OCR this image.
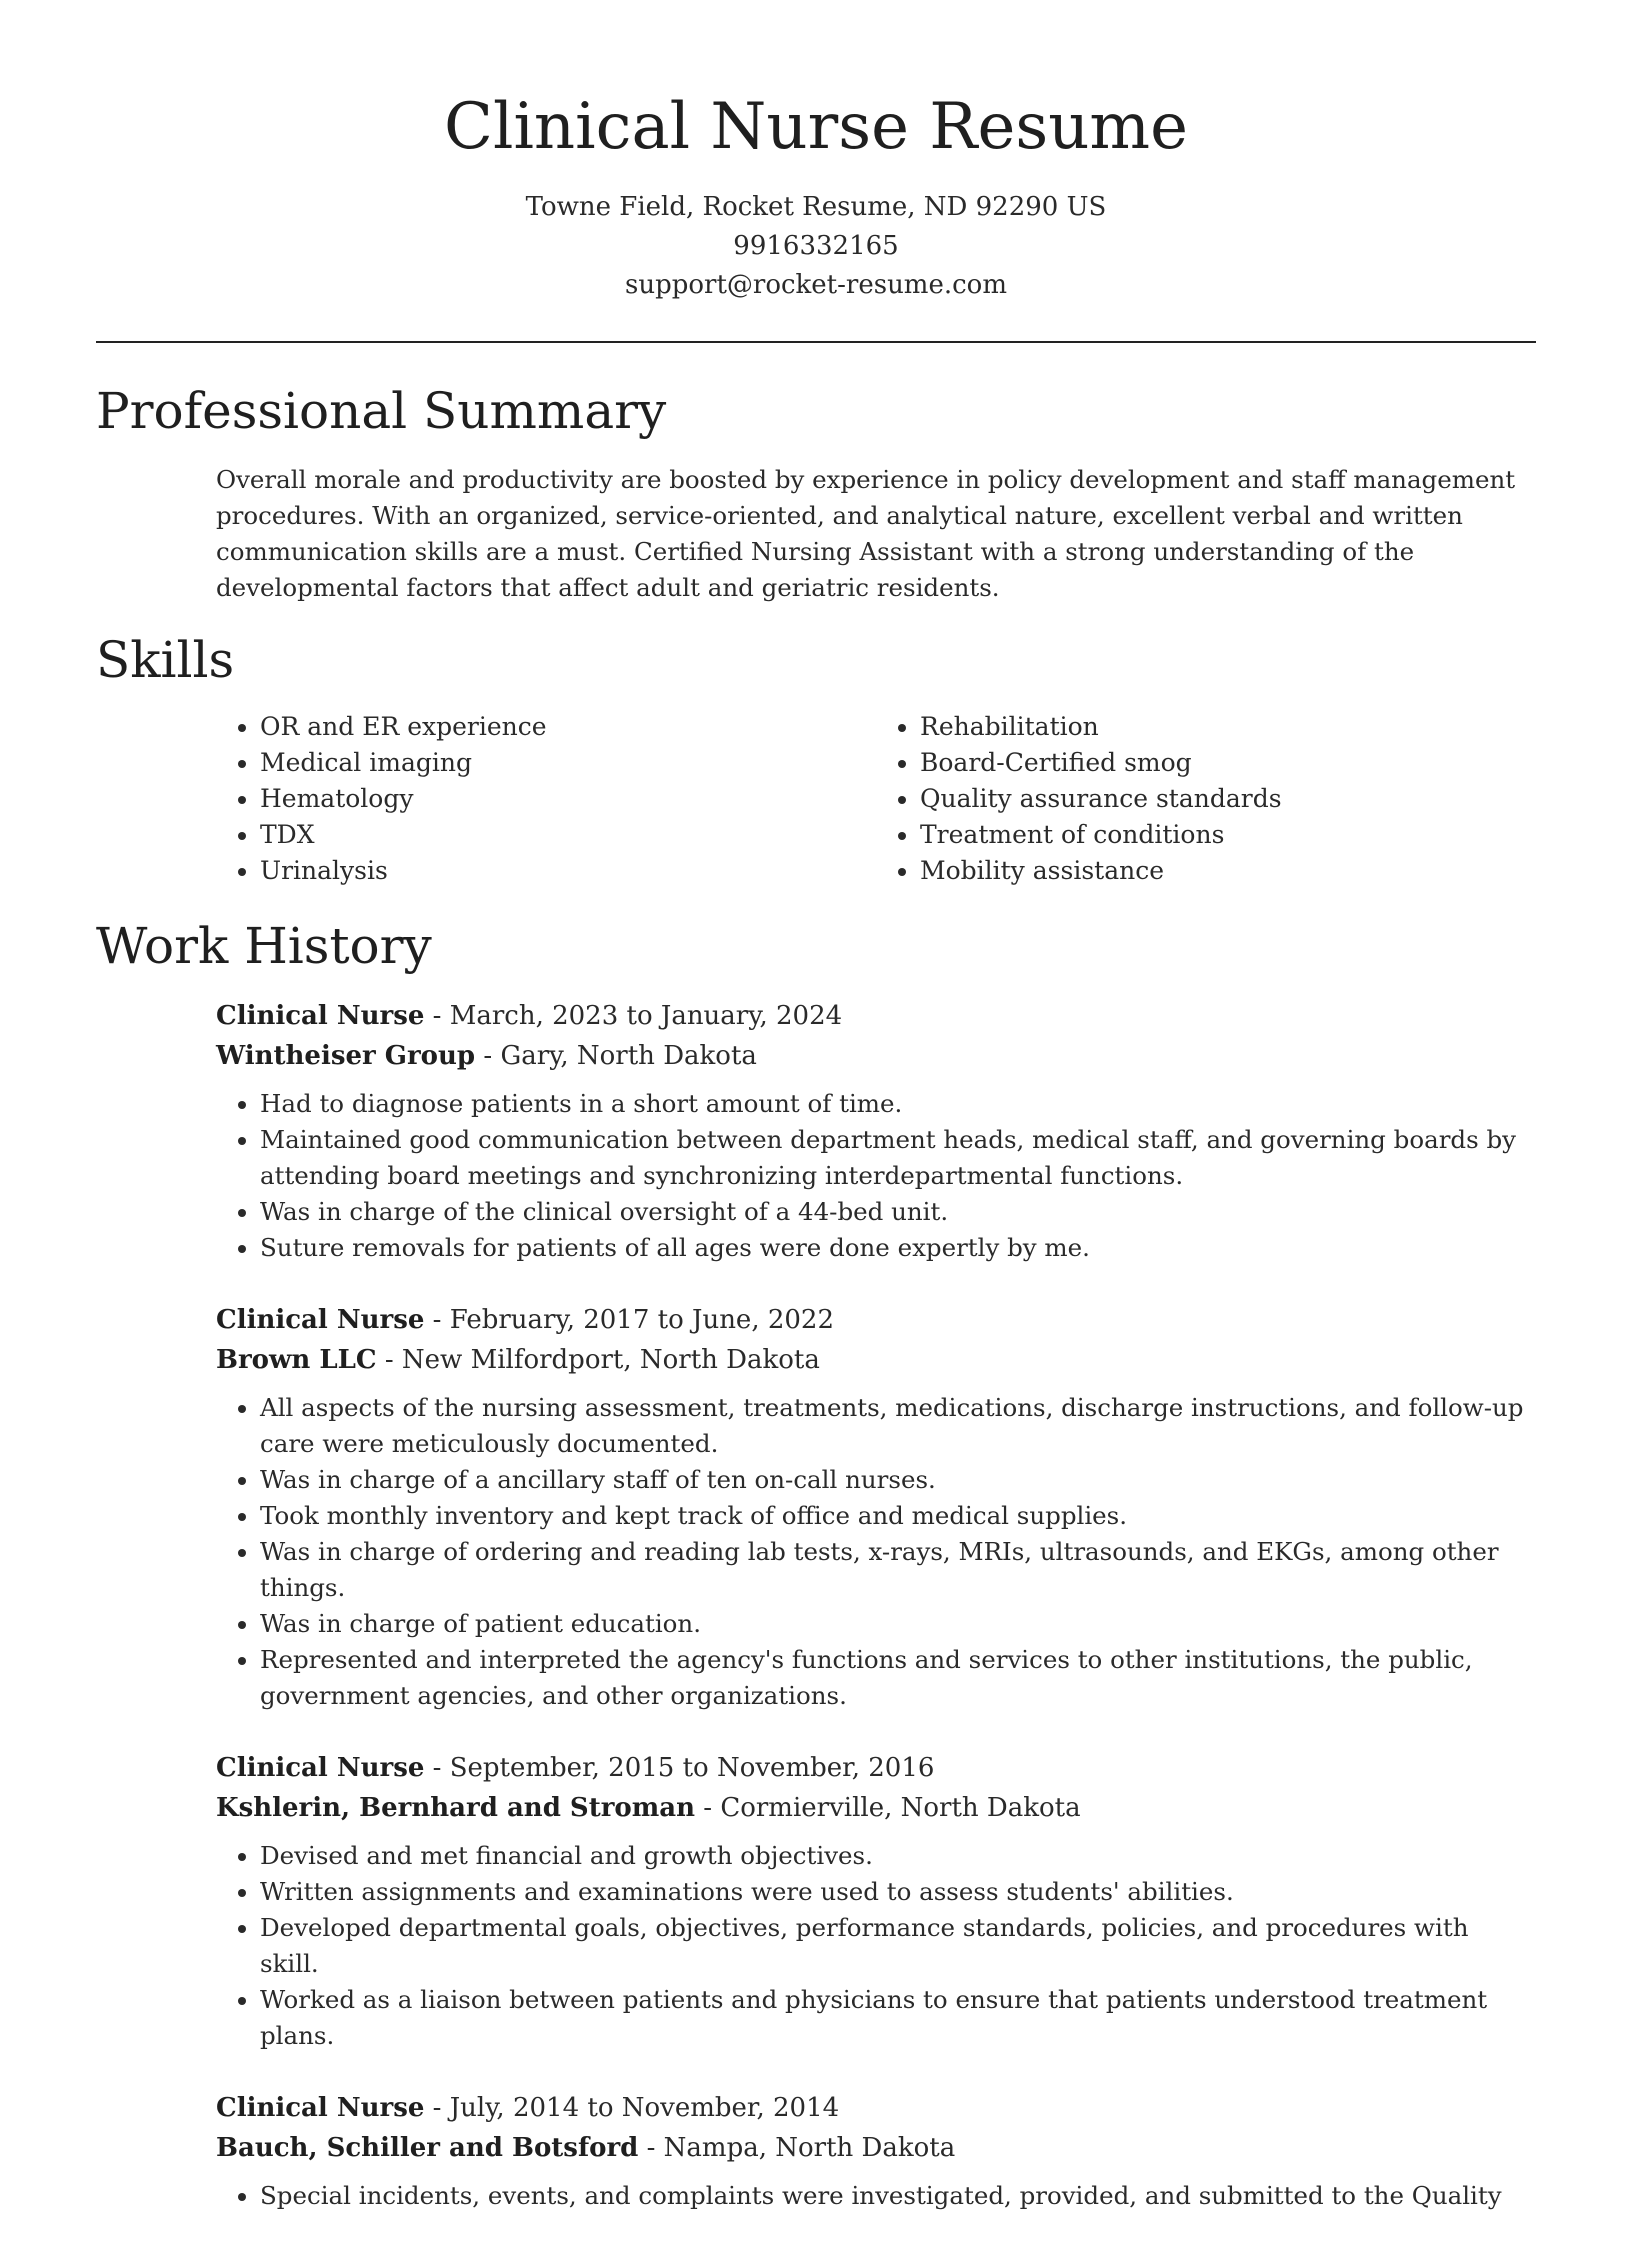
Clinical Nurse Resume
Towne Field, Rocket Resume, ND 92290 US
9916332165
support@rocket-resume.com
Professional Summary
Overall morale and productivity are boosted by experience in policy development and staff management procedures. With an organized, service-oriented, and analytical nature, excellent verbal and written communication skills are a must. Certified Nursing Assistant with a strong understanding of the developmental factors that affect adult and geriatric residents.
Skills
• OR and ER experience
• Medical imaging
• Hematology
• TDX
• Urinalysis
• Rehabilitation
• Board-Certified smog
• Quality assurance standards
• Treatment of conditions
• Mobility assistance
Work History
Clinical Nurse - March, 2023 to January, 2024
Wintheiser Group - Gary, North Dakota
• Had to diagnose patients in a short amount of time.
• Maintained good communication between department heads, medical staff, and governing boards by attending board meetings and synchronizing interdepartmental functions.
• Was in charge of the clinical oversight of a 44-bed unit.
• Suture removals for patients of all ages were done expertly by me.
Clinical Nurse - February, 2017 to June, 2022
Brown LLC - New Milfordport, North Dakota
• All aspects of the nursing assessment, treatments, medications, discharge instructions, and follow-up care were meticulously documented.
• Was in charge of a ancillary staff of ten on-call nurses.
• Took monthly inventory and kept track of office and medical supplies.
• Was in charge of ordering and reading lab tests, x-rays, MRIs, ultrasounds, and EKGs, among other things.
• Was in charge of patient education.
• Represented and interpreted the agency's functions and services to other institutions, the public, government agencies, and other organizations.
Clinical Nurse - September, 2015 to November, 2016
Kshlerin, Bernhard and Stroman - Cormierville, North Dakota
• Devised and met financial and growth objectives.
• Written assignments and examinations were used to assess students' abilities.
• Developed departmental goals, objectives, performance standards, policies, and procedures with skill.
• Worked as a liaison between patients and physicians to ensure that patients understood treatment plans.
Clinical Nurse - July, 2014 to November, 2014
Bauch, Schiller and Botsford - Nampa, North Dakota
• Special incidents, events, and complaints were investigated, provided, and submitted to the Quality
